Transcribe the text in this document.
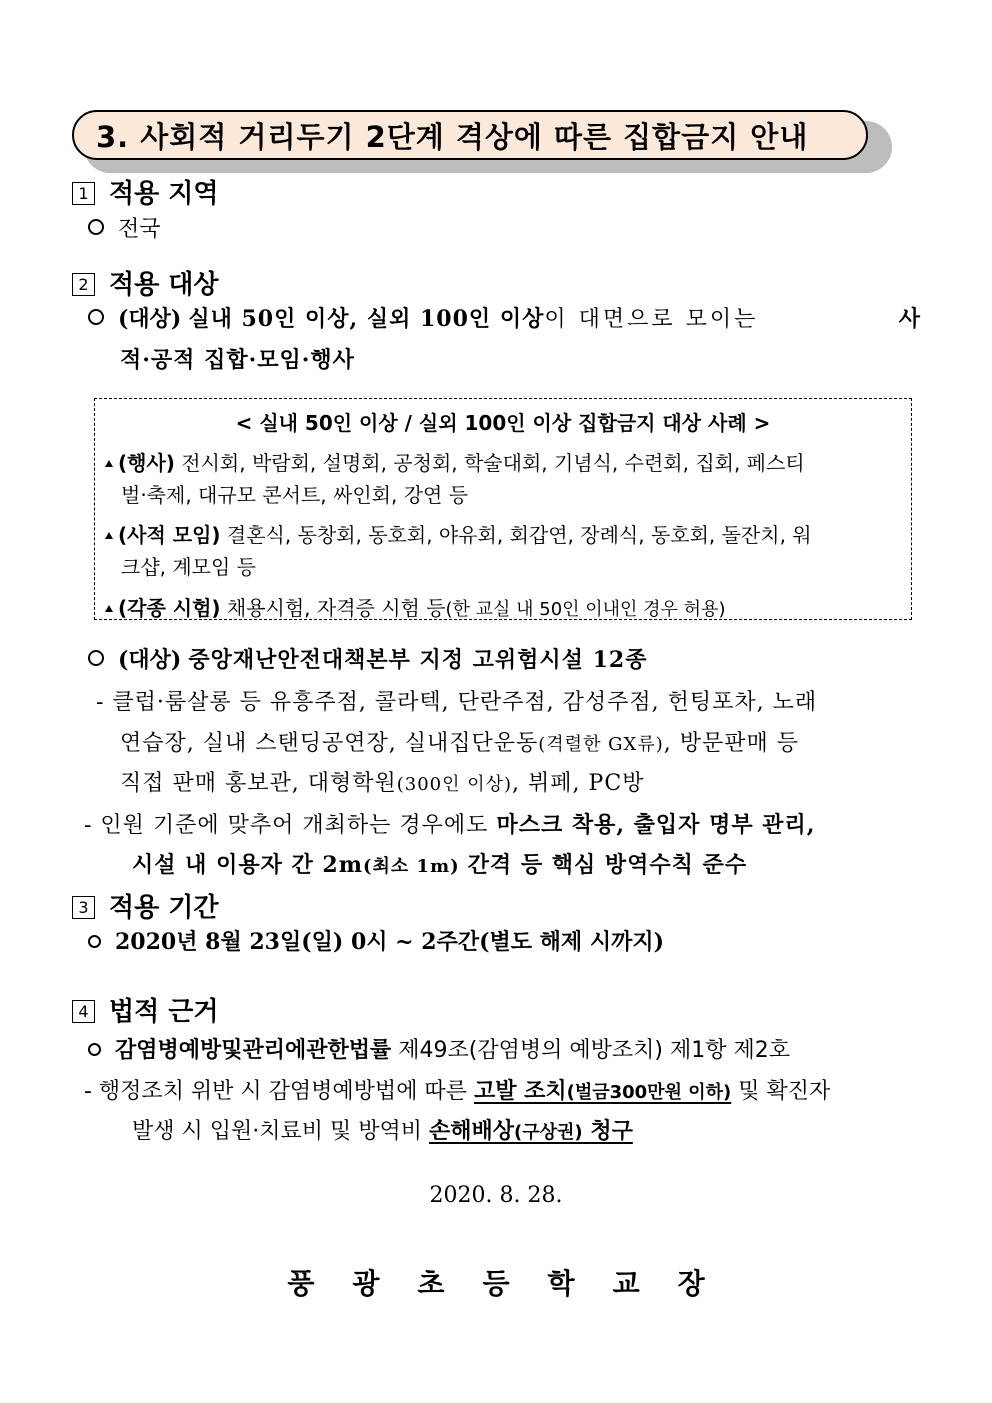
3. 사회적 거리두기 2단계 격상에 따른 집합금지 안내
1 적용 지역
전국
2 적용 대상
(대상) 실내 50인 이상, 실외 100인 이상이 대면으로 모이는	사
적·공적 집합·모임·행사
< 실내 50인 이상 / 실외 100인 이상 집합금지 대상 사례 >
(행사) 전시회, 박람회, 설명회, 공청회, 학술대회, 기념식, 수련회, 집회, 페스티
벌·축제, 대규모 콘서트, 싸인회, 강연 등
(사적 모임) 결혼식, 동창회, 동호회, 야유회, 회갑연, 장례식, 동호회, 돌잔치, 워
크샵, 계모임 등
(각종 시험) 채용시험, 자격증 시험 등(한 교실 내 50인 이내인 경우 허용)
(대상) 중앙재난안전대책본부 지정 고위험시설 12종
- 클럽·룸살롱 등 유흥주점, 콜라텍, 단란주점, 감성주점, 헌팅포차, 노래
연습장, 실내 스탠딩공연장, 실내집단운동(격렬한 GX류), 방문판매 등
직접 판매 홍보관, 대형학원(300인 이상), 뷔페, PC방
- 인원 기준에 맞추어 개최하는 경우에도 마스크 착용, 출입자 명부 관리,
시설 내 이용자 간 2m(최소 1m) 간격 등 핵심 방역수칙 준수
3 적용 기간
2020년 8월 23일(일) 0시 ~ 2주간(별도 해제 시까지)
4 법적 근거
감염병예방및관리에관한법률 제49조(감염병의 예방조치) 제1항 제2호
- 행정조치 위반 시 감염병예방법에 따른 고발 조치(벌금300만원 이하) 및 확진자
발생 시 입원·치료비 및 방역비 손해배상(구상권) 청구
2020. 8. 28.
풍광초등학교장
